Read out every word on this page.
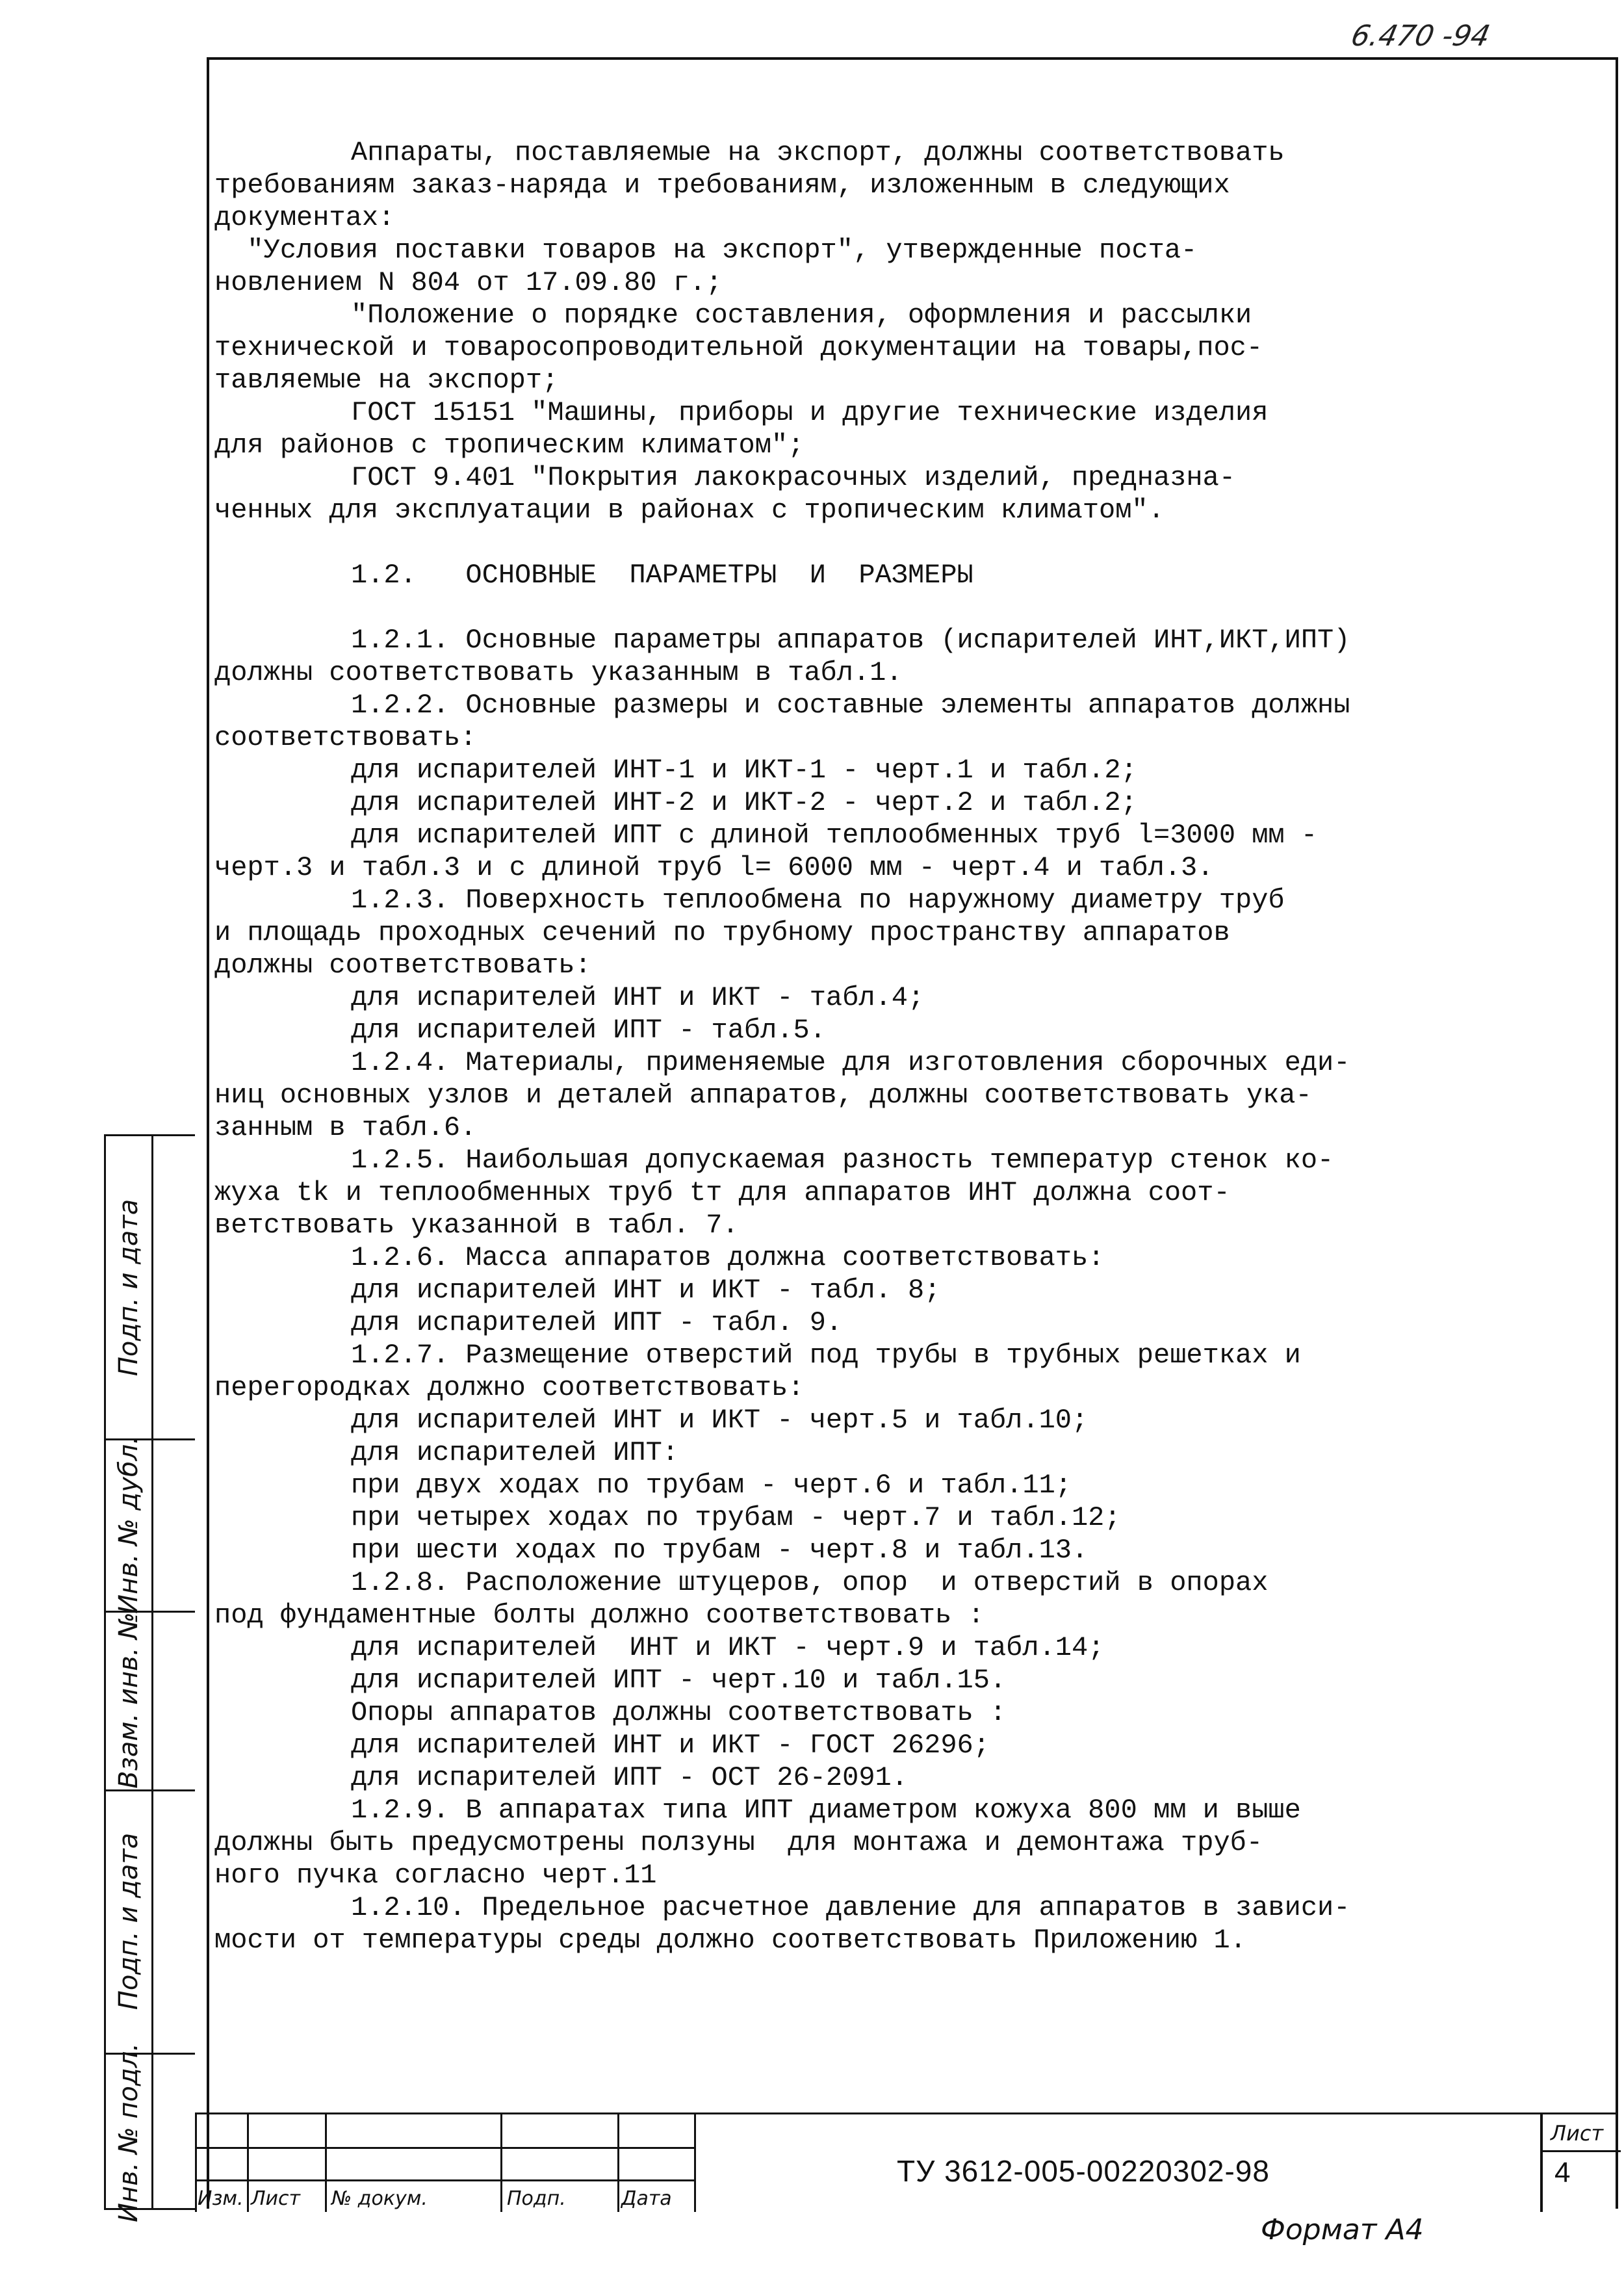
6.470 -94
Аппараты, поставляемые на экспорт, должны соответствовать
требованиям заказ-наряда и требованиям, изложенным в следующих
документах:
"Условия поставки товаров на экспорт", утвержденные поста-
новлением N 804 от 17.09.80 г.;
"Положение о порядке составления, оформления и рассылки
технической и товаросопроводительной документации на товары,пос-
тавляемые на экспорт;
ГОСТ 15151 "Машины, приборы и другие технические изделия
для районов с тропическим климатом";
ГОСТ 9.401 "Покрытия лакокрасочных изделий, предназна-
ченных для эксплуатации в районах с тропическим климатом".
1.2.   ОСНОВНЫЕ  ПАРАМЕТРЫ  И  РАЗМЕРЫ
1.2.1. Основные параметры аппаратов (испарителей ИНТ,ИКТ,ИПТ)
должны соответствовать указанным в табл.1.
1.2.2. Основные размеры и составные элементы аппаратов должны
соответствовать:
для испарителей ИНТ-1 и ИКТ-1 - черт.1 и табл.2;
для испарителей ИНТ-2 и ИКТ-2 - черт.2 и табл.2;
для испарителей ИПТ с длиной теплообменных труб l=3000 мм -
черт.3 и табл.3 и с длиной труб l= 6000 мм - черт.4 и табл.3.
1.2.3. Поверхность теплообмена по наружному диаметру труб
и площадь проходных сечений по трубному пространству аппаратов
должны соответствовать:
для испарителей ИНТ и ИКТ - табл.4;
для испарителей ИПТ - табл.5.
1.2.4. Материалы, применяемые для изготовления сборочных еди-
ниц основных узлов и деталей аппаратов, должны соответствовать ука-
занным в табл.6.
1.2.5. Наибольшая допускаемая разность температур стенок ко-
жуха tk и теплообменных труб tт для аппаратов ИНТ должна соот-
ветствовать указанной в табл. 7.
1.2.6. Масса аппаратов должна соответствовать:
для испарителей ИНТ и ИКТ - табл. 8;
для испарителей ИПТ - табл. 9.
1.2.7. Размещение отверстий под трубы в трубных решетках и
перегородках должно соответствовать:
для испарителей ИНТ и ИКТ - черт.5 и табл.10;
для испарителей ИПТ:
при двух ходах по трубам - черт.6 и табл.11;
при четырех ходах по трубам - черт.7 и табл.12;
при шести ходах по трубам - черт.8 и табл.13.
1.2.8. Расположение штуцеров, опор  и отверстий в опорах
под фундаментные болты должно соответствовать :
для испарителей  ИНТ и ИКТ - черт.9 и табл.14;
для испарителей ИПТ - черт.10 и табл.15.
Опоры аппаратов должны соответствовать :
для испарителей ИНТ и ИКТ - ГОСТ 26296;
для испарителей ИПТ - ОСТ 26-2091.
1.2.9. В аппаратах типа ИПТ диаметром кожуха 800 мм и выше
должны быть предусмотрены ползуны  для монтажа и демонтажа труб-
ного пучка согласно черт.11
1.2.10. Предельное расчетное давление для аппаратов в зависи-
мости от температуры среды должно соответствовать Приложению 1.
Подп. и дата
Инв. № дубл.
Взам. инв. №
Подп. и дата
Инв. № подл.	Изм. Лист № докум.	Подп.	Дата
ТУ 3612-005-00220302-98
Лист
4
Формат А4
